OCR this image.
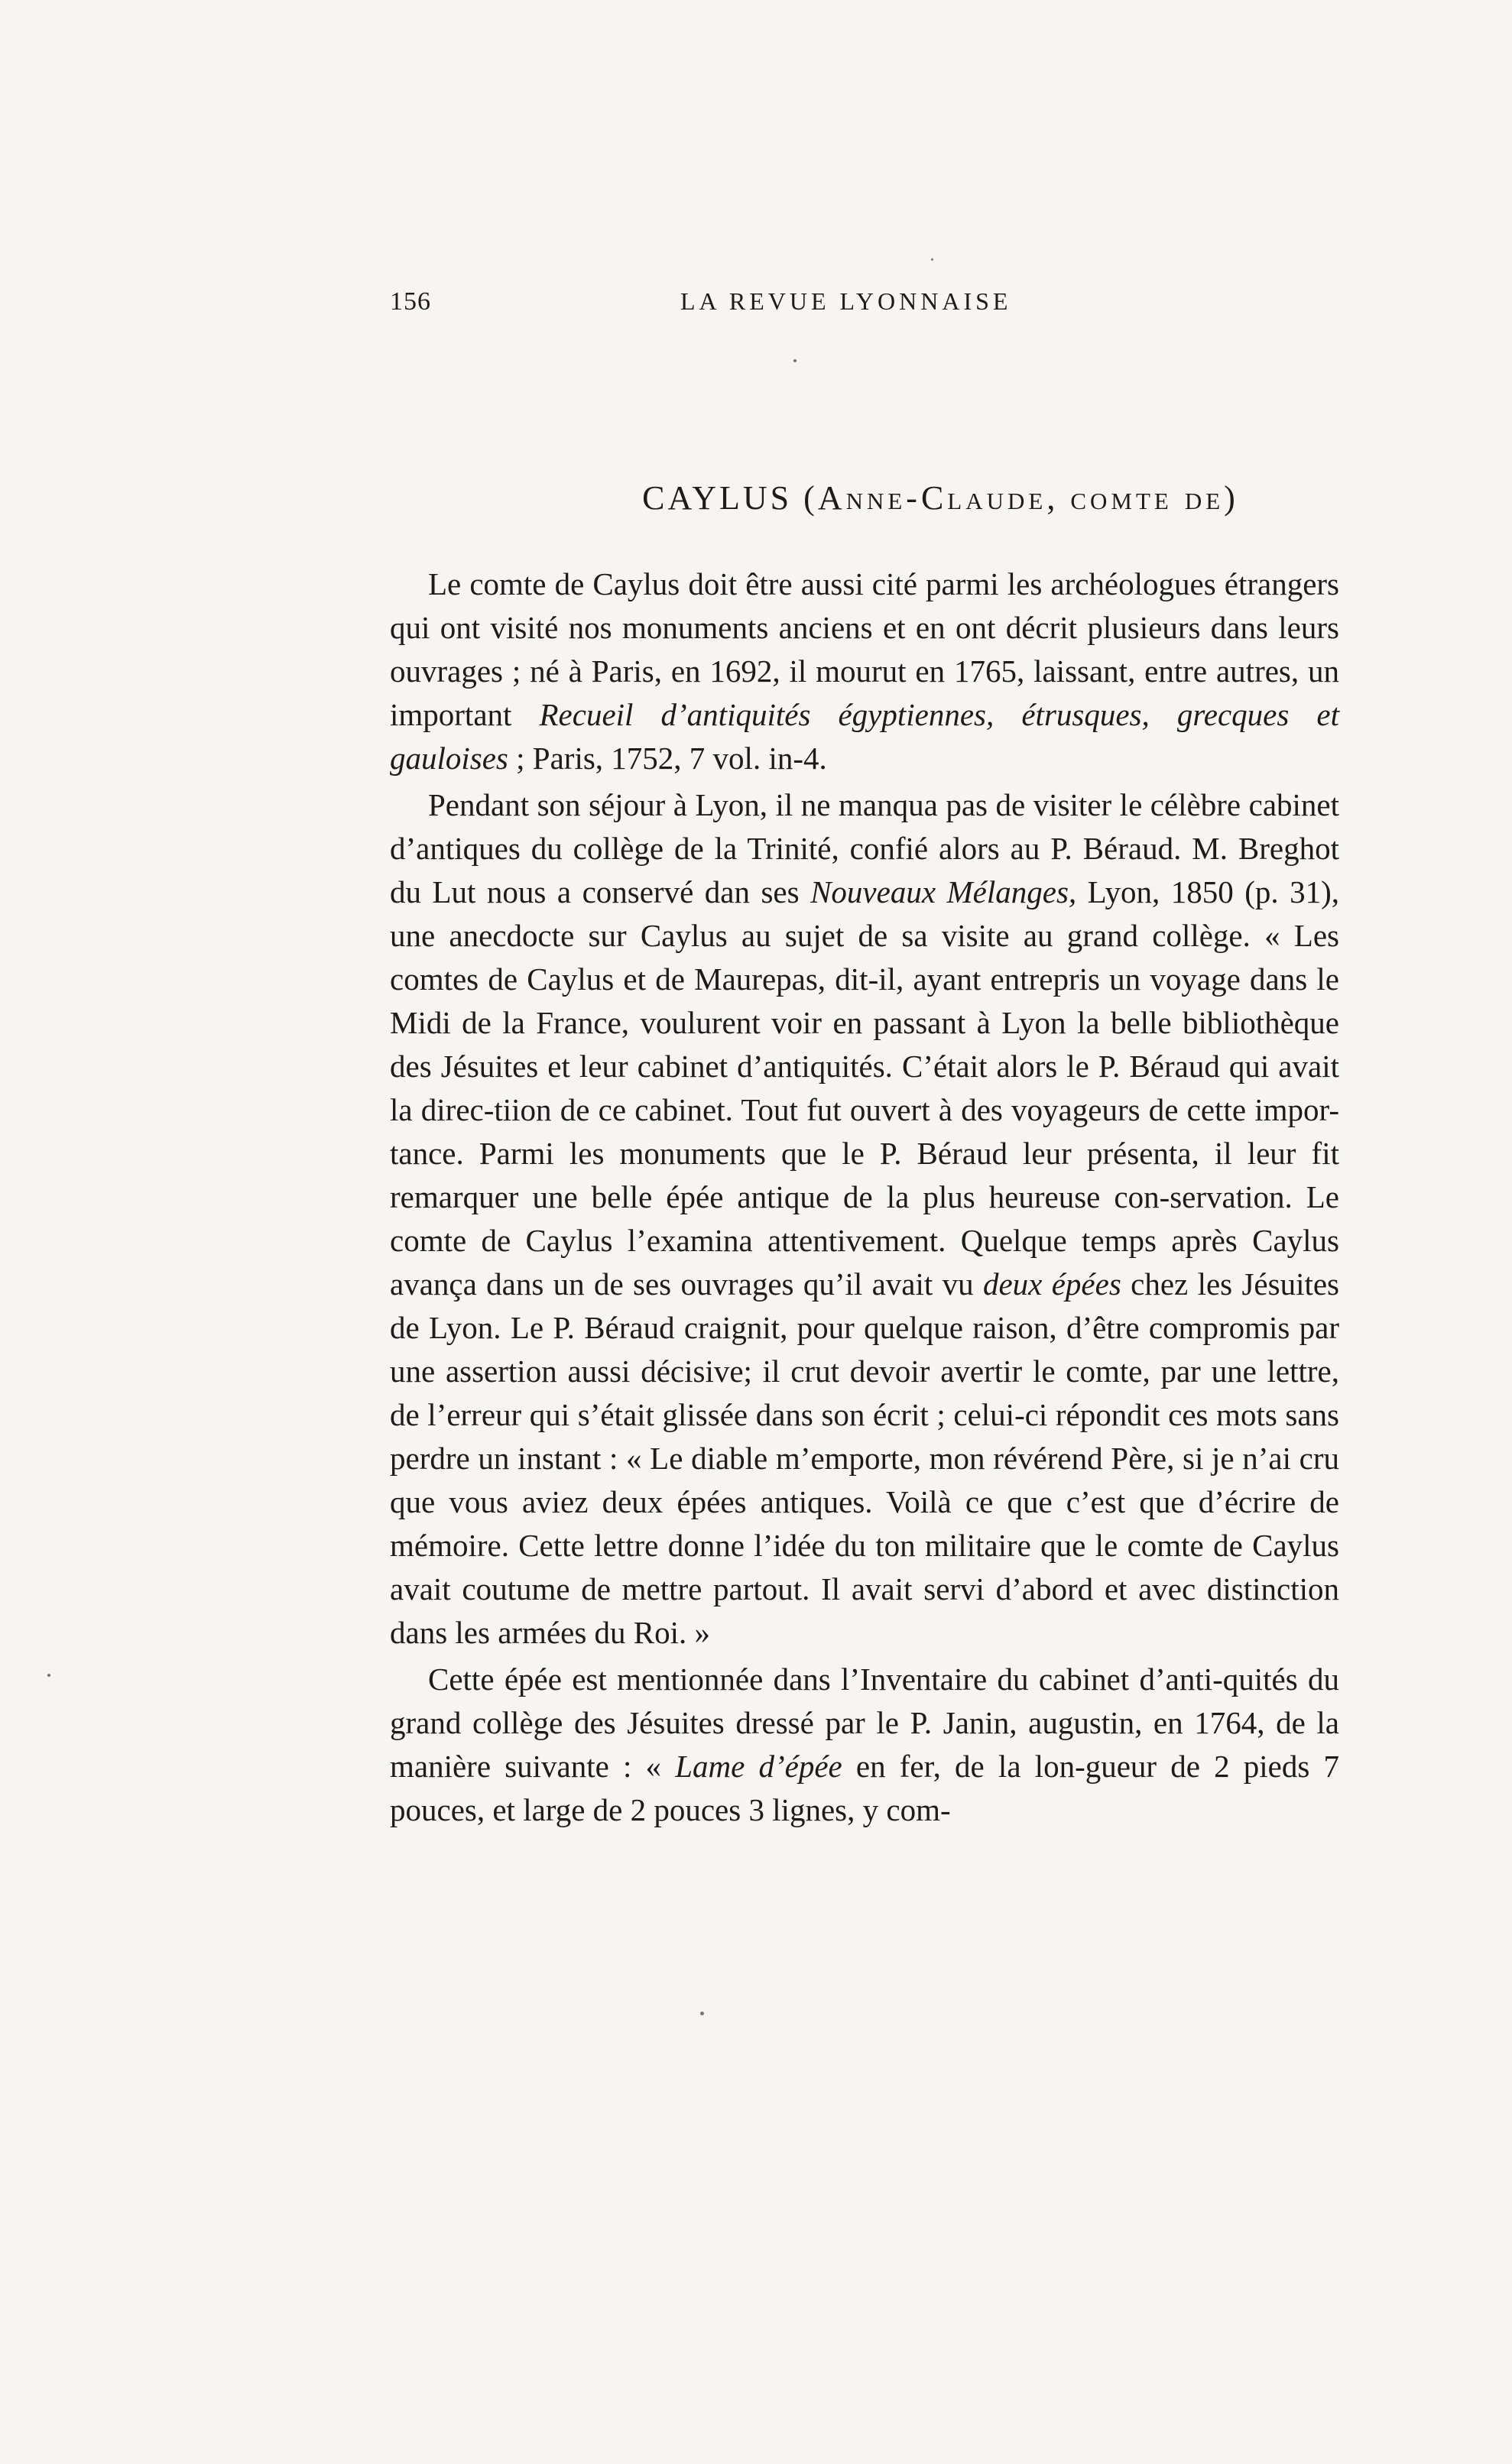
156	LA REVUE LYONNAISE
CAYLUS (Anne-Claude, comte de)

Le comte de Caylus doit être aussi cité parmi les archéologues étrangers qui ont visité nos monuments anciens et en ont décrit plusieurs dans leurs ouvrages ; né à Paris, en 1692, il mourut en 1765, laissant, entre autres, un important Recueil d’antiquités égyptiennes, étrusques, grecques et gauloises ; Paris, 1752, 7 vol. in-4.

Pendant son séjour à Lyon, il ne manqua pas de visiter le célèbre cabinet d’antiques du collège de la Trinité, confié alors au P. Béraud. M. Breghot du Lut nous a conservé dan ses Nouveaux Mélanges, Lyon, 1850 (p. 31), une anecdocte sur Caylus au sujet de sa visite au grand collège. « Les comtes de Caylus et de Maurepas, dit-il, ayant entrepris un voyage dans le Midi de la France, voulurent voir en passant à Lyon la belle bibliothèque des Jésuites et leur cabinet d’antiquités. C’était alors le P. Béraud qui avait la direc-tiion de ce cabinet. Tout fut ouvert à des voyageurs de cette impor-tance. Parmi les monuments que le P. Béraud leur présenta, il leur fit remarquer une belle épée antique de la plus heureuse con-servation. Le comte de Caylus l’examina attentivement. Quelque temps après Caylus avança dans un de ses ouvrages qu’il avait vu deux épées chez les Jésuites de Lyon. Le P. Béraud craignit, pour quelque raison, d’être compromis par une assertion aussi décisive; il crut devoir avertir le comte, par une lettre, de l’erreur qui s’était glissée dans son écrit ; celui-ci répondit ces mots sans perdre un instant : « Le diable m’emporte, mon révérend Père, si je n’ai cru que vous aviez deux épées antiques. Voilà ce que c’est que d’écrire de mémoire. Cette lettre donne l’idée du ton militaire que le comte de Caylus avait coutume de mettre partout. Il avait servi d’abord et avec distinction dans les armées du Roi. »

Cette épée est mentionnée dans l’Inventaire du cabinet d’anti-quités du grand collège des Jésuites dressé par le P. Janin, augustin, en 1764, de la manière suivante : « Lame d’épée en fer, de la lon-gueur de 2 pieds 7 pouces, et large de 2 pouces 3 lignes, y com-
